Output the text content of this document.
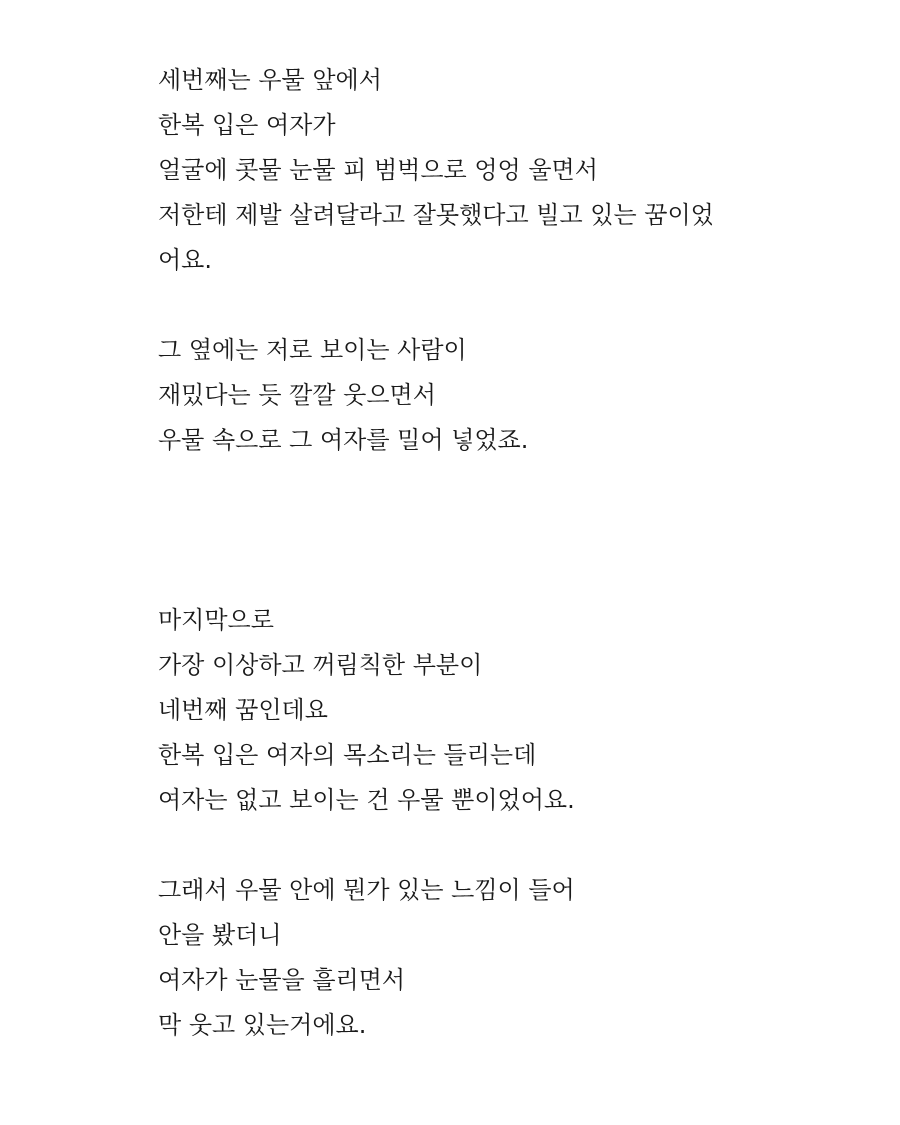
세번째는 우물 앞에서
한복 입은 여자가
얼굴에 콧물 눈물 피 범벅으로 엉엉 울면서
저한테 제발 살려달라고 잘못했다고 빌고 있는 꿈이었
어요.
그 옆에는 저로 보이는 사람이
재밌다는 듯 깔깔 웃으면서
우물 속으로 그 여자를 밀어 넣었죠.
마지막으로
가장 이상하고 꺼림칙한 부분이
네번째 꿈인데요
한복 입은 여자의 목소리는 들리는데
여자는 없고 보이는 건 우물 뿐이었어요.
그래서 우물 안에 뭔가 있는 느낌이 들어
안을 봤더니
여자가 눈물을 흘리면서
막 웃고 있는거에요.
